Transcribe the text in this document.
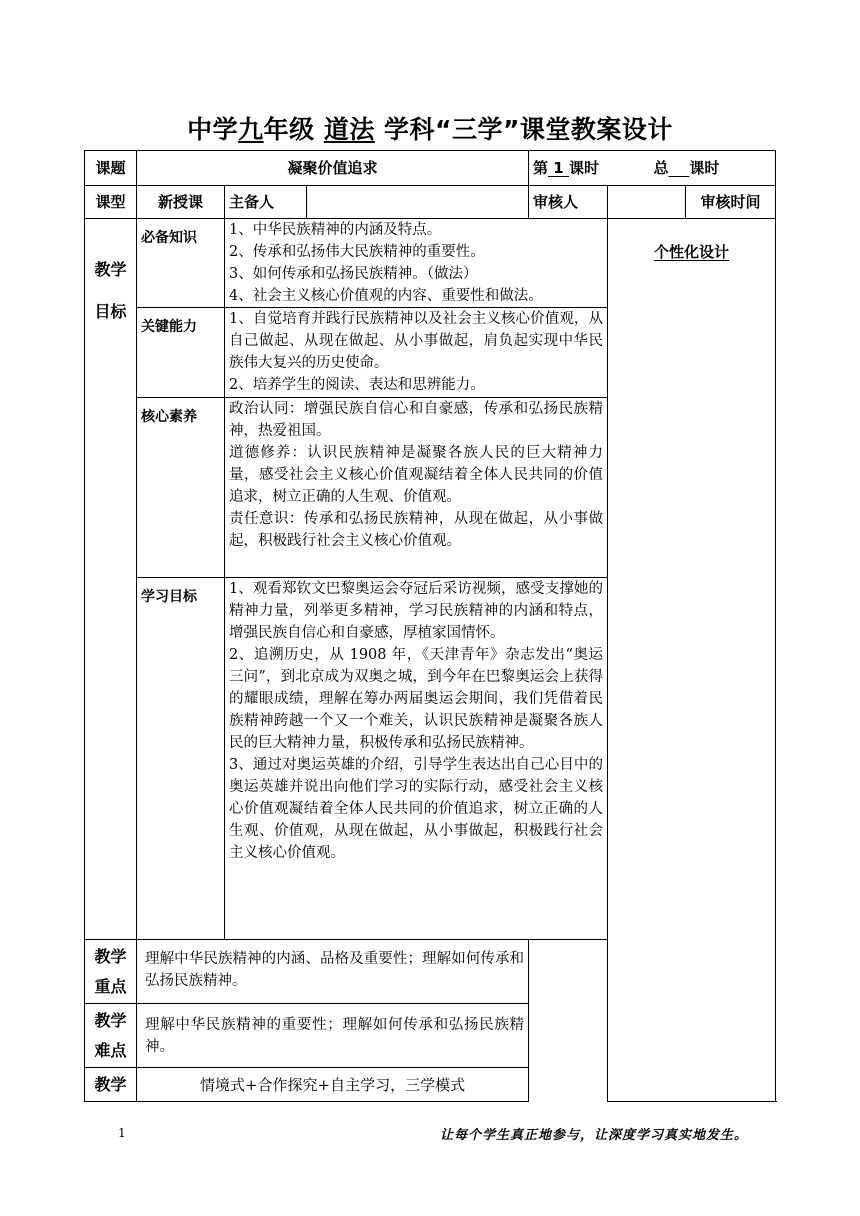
中学九年级 道法 学科“三学”课堂教案设计
课题	凝聚价值追求			第 1 课时 总 课时		
课型	新授课	主备人		审核人		审核时间

教学
目标	必备知识	1、中华民族精神的内涵及特点。
2、传承和弘扬伟大民族精神的重要性。
3、如何传承和弘扬民族精神。（做法）
4、社会主义核心价值观的内容、重要性和做法。			个性化设计	
	关键能力	1、自觉培育并践行民族精神以及社会主义核心价值观，从自己做起、从现在做起、从小事做起，肩负起实现中华民族伟大复兴的历史使命。
2、培养学生的阅读、表达和思辨能力。				

	核心素养	政治认同：增强民族自信心和自豪感，传承和弘扬民族精神，热爱祖国。
道德修养：认识民族精神是凝聚各族人民的巨大精神力量，感受社会主义核心价值观凝结着全体人民共同的价值追求，树立正确的人生观、价值观。
责任意识：传承和弘扬民族精神，从现在做起，从小事做起，积极践行社会主义核心价值观。				

	学习目标	1、观看郑钦文巴黎奥运会夺冠后采访视频，感受支撑她的精神力量，列举更多精神，学习民族精神的内涵和特点，增强民族自信心和自豪感，厚植家国情怀。
2、追溯历史，从 1908 年，《天津青年》杂志发出“奥运三问”，到北京成为双奥之城，到今年在巴黎奥运会上获得的耀眼成绩，理解在筹办两届奥运会期间，我们凭借着民族精神跨越一个又一个难关，认识民族精神是凝聚各族人民的巨大精神力量，积极传承和弘扬民族精神。
3、通过对奥运英雄的介绍，引导学生表达出自己心目中的奥运英雄并说出向他们学习的实际行动，感受社会主义核心价值观凝结着全体人民共同的价值追求，树立正确的人生观、价值观，从现在做起，从小事做起，积极践行社会主义核心价值观。				

教学
重点	理解中华民族精神的内涵、品格及重要性；理解如何传承和弘扬民族精神。					

教学
难点	理解中华民族精神的重要性；理解如何传承和弘扬民族精神。					
教学	情境式+合作探究+自主学习，三学模式					
1	让每个学生真正地参与，让深度学习真实地发生。
